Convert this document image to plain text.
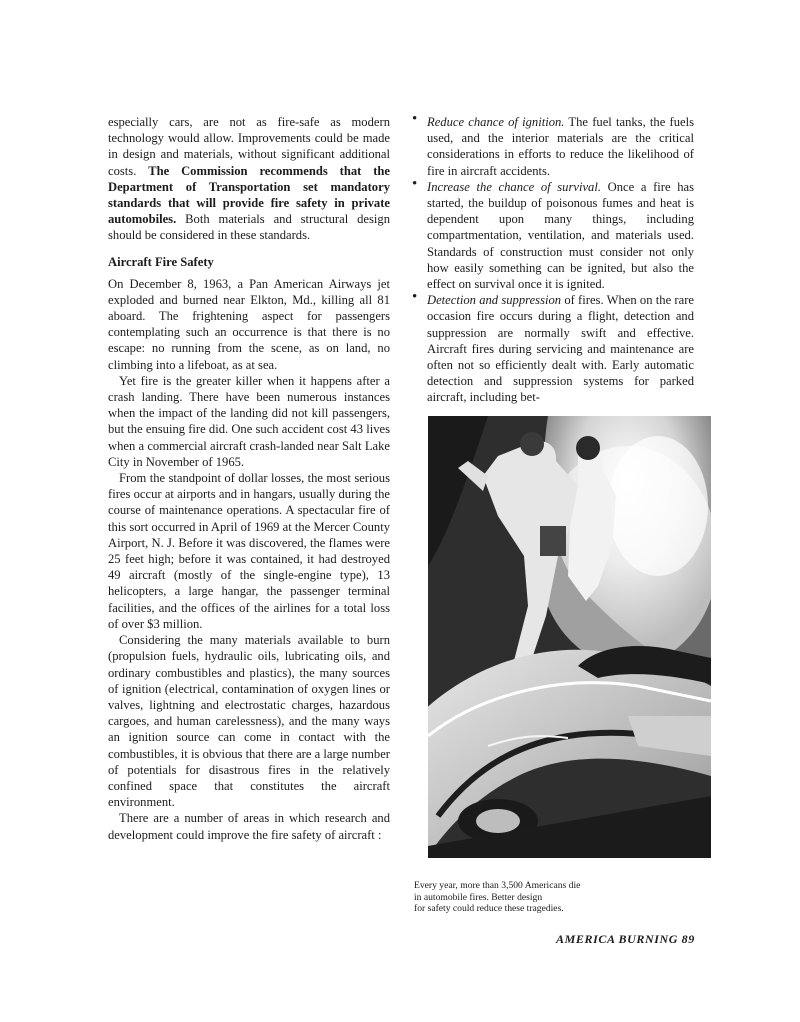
especially cars, are not as fire-safe as modern technology would allow. Improvements could be made in design and materials, without significant additional costs. The Commission recommends that the Department of Transportation set mandatory standards that will provide fire safety in private automobiles. Both materials and structural design should be considered in these standards.

Aircraft Fire Safety

On December 8, 1963, a Pan American Airways jet exploded and burned near Elkton, Md., killing all 81 aboard. The frightening aspect for passengers contemplating such an occurrence is that there is no escape: no running from the scene, as on land, no climbing into a lifeboat, as at sea.

Yet fire is the greater killer when it happens after a crash landing. There have been numerous instances when the impact of the landing did not kill passengers, but the ensuing fire did. One such accident cost 43 lives when a commercial aircraft crash-landed near Salt Lake City in November of 1965.

From the standpoint of dollar losses, the most serious fires occur at airports and in hangars, usually during the course of maintenance operations. A spectacular fire of this sort occurred in April of 1969 at the Mercer County Airport, N. J. Before it was discovered, the flames were 25 feet high; before it was contained, it had destroyed 49 aircraft (mostly of the single-engine type), 13 helicopters, a large hangar, the passenger terminal facilities, and the offices of the airlines for a total loss of over $3 million.

Considering the many materials available to burn (propulsion fuels, hydraulic oils, lubricating oils, and ordinary combustibles and plastics), the many sources of ignition (electrical, contamination of oxygen lines or valves, lightning and electrostatic charges, hazardous cargoes, and human carelessness), and the many ways an ignition source can come in contact with the combustibles, it is obvious that there are a large number of potentials for disastrous fires in the relatively confined space that constitutes the aircraft environment.

There are a number of areas in which research and development could improve the fire safety of aircraft :

• Reduce chance of ignition. The fuel tanks, the fuels used, and the interior materials are the critical considerations in efforts to reduce the likelihood of fire in aircraft accidents.

• Increase the chance of survival. Once a fire has started, the buildup of poisonous fumes and heat is dependent upon many things, including compartmentation, ventilation, and materials used. Standards of construction must consider not only how easily something can be ignited, but also the effect on survival once it is ignited.

• Detection and suppression of fires. When on the rare occasion fire occurs during a flight, detection and suppression are normally swift and effective. Aircraft fires during servicing and maintenance are often not so efficiently dealt with. Early automatic detection and suppression systems for parked aircraft, including bet-

Every year, more than 3,500 Americans die
in automobile fires. Better design
for safety could reduce these tragedies.
AMERICA BURNING 89
